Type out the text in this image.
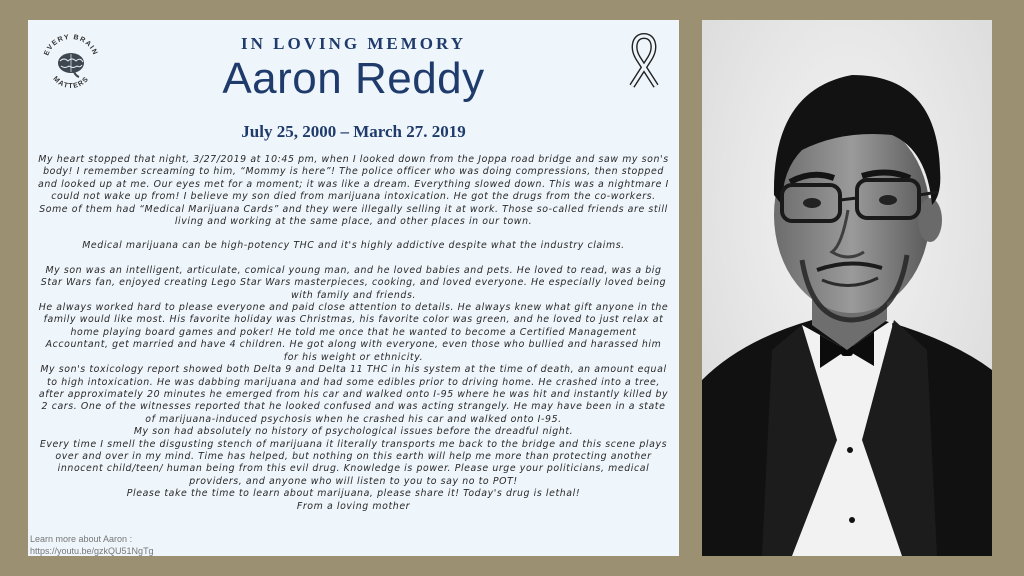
EVERY BRAIN
MATTERS
IN LOVING MEMORY
Aaron Reddy
July 25, 2000 – March 27. 2019

My heart stopped that night, 3/27/2019 at 10:45 pm, when I looked down from the Joppa road bridge and saw my son's body! I remember screaming to him, “Mommy is here”! The police officer who was doing compressions, then stopped and looked up at me. Our eyes met for a moment; it was like a dream. Everything slowed down. This was a nightmare I could not wake up from! I believe my son died from marijuana intoxication. He got the drugs from the co-workers. Some of them had “Medical Marijuana Cards” and they were illegally selling it at work. Those so-called friends are still living and working at the same place, and other places in our town.

Medical marijuana can be high-potency THC and it's highly addictive despite what the industry claims.

My son was an intelligent, articulate, comical young man, and he loved babies and pets. He loved to read, was a big Star Wars fan, enjoyed creating Lego Star Wars masterpieces, cooking, and loved everyone. He especially loved being with family and friends.

He always worked hard to please everyone and paid close attention to details. He always knew what gift anyone in the family would like most. His favorite holiday was Christmas, his favorite color was green, and he loved to just relax at home playing board games and poker! He told me once that he wanted to become a Certified Management Accountant, get married and have 4 children. He got along with everyone, even those who bullied and harassed him for his weight or ethnicity.

My son's toxicology report showed both Delta 9 and Delta 11 THC in his system at the time of death, an amount equal to high intoxication. He was dabbing marijuana and had some edibles prior to driving home. He crashed into a tree, after approximately 20 minutes he emerged from his car and walked onto I-95 where he was hit and instantly killed by 2 cars. One of the witnesses reported that he looked confused and was acting strangely. He may have been in a state of marijuana-induced psychosis when he crashed his car and walked onto I-95.

My son had absolutely no history of psychological issues before the dreadful night.

Every time I smell the disgusting stench of marijuana it literally transports me back to the bridge and this scene plays over and over in my mind. Time has helped, but nothing on this earth will help me more than protecting another innocent child/teen/ human being from this evil drug. Knowledge is power. Please urge your politicians, medical providers, and anyone who will listen to you to say no to POT!

Please take the time to learn about marijuana, please share it! Today's drug is lethal!

From a loving mother

Learn more about Aaron :
https://youtu.be/gzkQU51NgTg
